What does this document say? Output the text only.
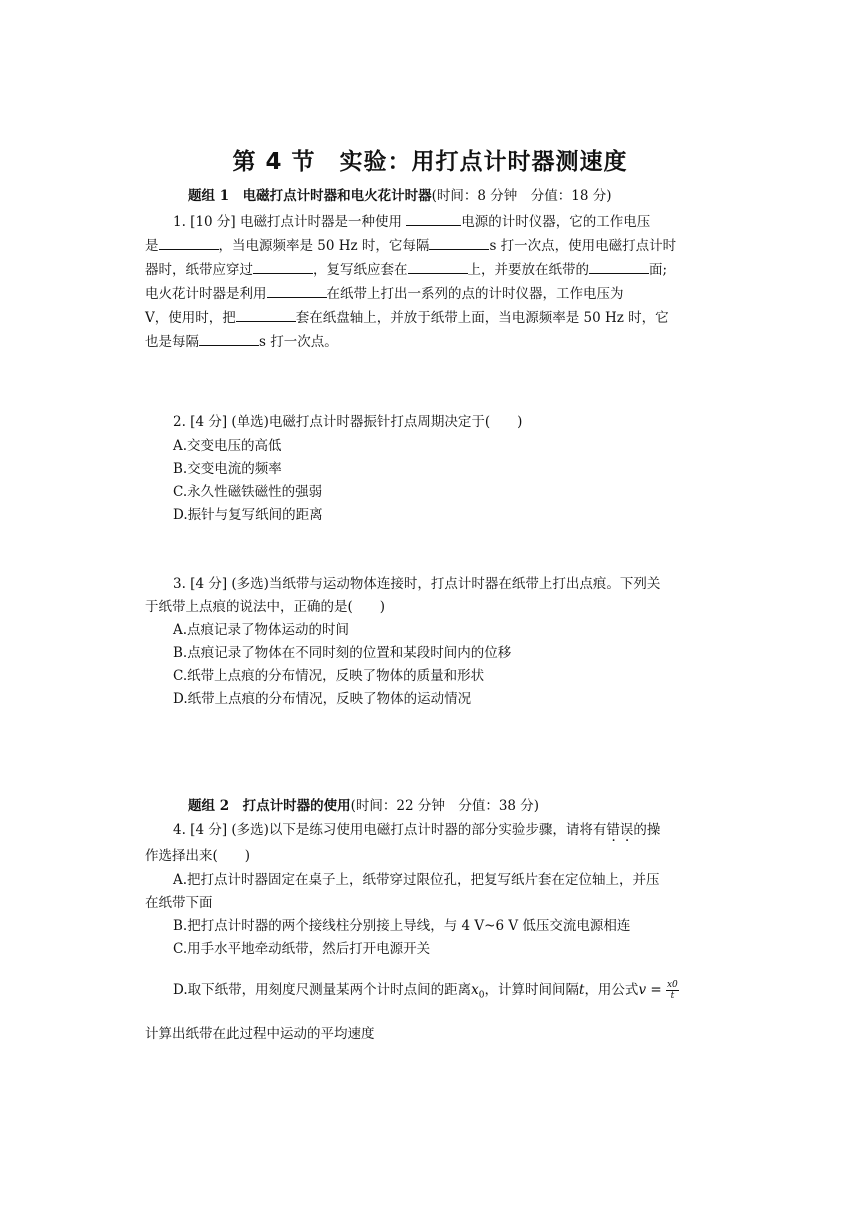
第 4 节　实验：用打点计时器测速度
题组 1　电磁打点计时器和电火花计时器(时间：8 分钟　分值：18 分)
1. [10 分] 电磁打点计时器是一种使用	电源的计时仪器，它的工作电压
是	，当电源频率是 50 Hz 时，它每隔	s 打一次点，使用电磁打点计时
器时，纸带应穿过	，复写纸应套在	上，并要放在纸带的	面;
电火花计时器是利用	在纸带上打出一系列的点的计时仪器，工作电压为
V，使用时，把	套在纸盘轴上，并放于纸带上面，当电源频率是 50 Hz 时，它
也是每隔	s 打一次点。
2. [4 分] (单选)电磁打点计时器振针打点周期决定于(　　)
A.交变电压的高低
B.交变电流的频率
C.永久性磁铁磁性的强弱
D.振针与复写纸间的距离
3. [4 分] (多选)当纸带与运动物体连接时，打点计时器在纸带上打出点痕。下列关
于纸带上点痕的说法中，正确的是(　　)
A.点痕记录了物体运动的时间
B.点痕记录了物体在不同时刻的位置和某段时间内的位移
C.纸带上点痕的分布情况，反映了物体的质量和形状
D.纸带上点痕的分布情况，反映了物体的运动情况
题组 2　打点计时器的使用(时间：22 分钟　分值：38 分)
4. [4 分] (多选)以下是练习使用电磁打点计时器的部分实验步骤，请将有错误的操
作选择出来(　　)
A.把打点计时器固定在桌子上，纸带穿过限位孔，把复写纸片套在定位轴上，并压
在纸带下面
B.把打点计时器的两个接线柱分别接上导线，与 4 V~6 V 低压交流电源相连
C.用手水平地牵动纸带，然后打开电源开关
D.取下纸带，用刻度尺测量某两个计时点间的距离$x_0$，计算时间间隔t，用公式$v = \frac{x0}{t}$
计算出纸带在此过程中运动的平均速度
